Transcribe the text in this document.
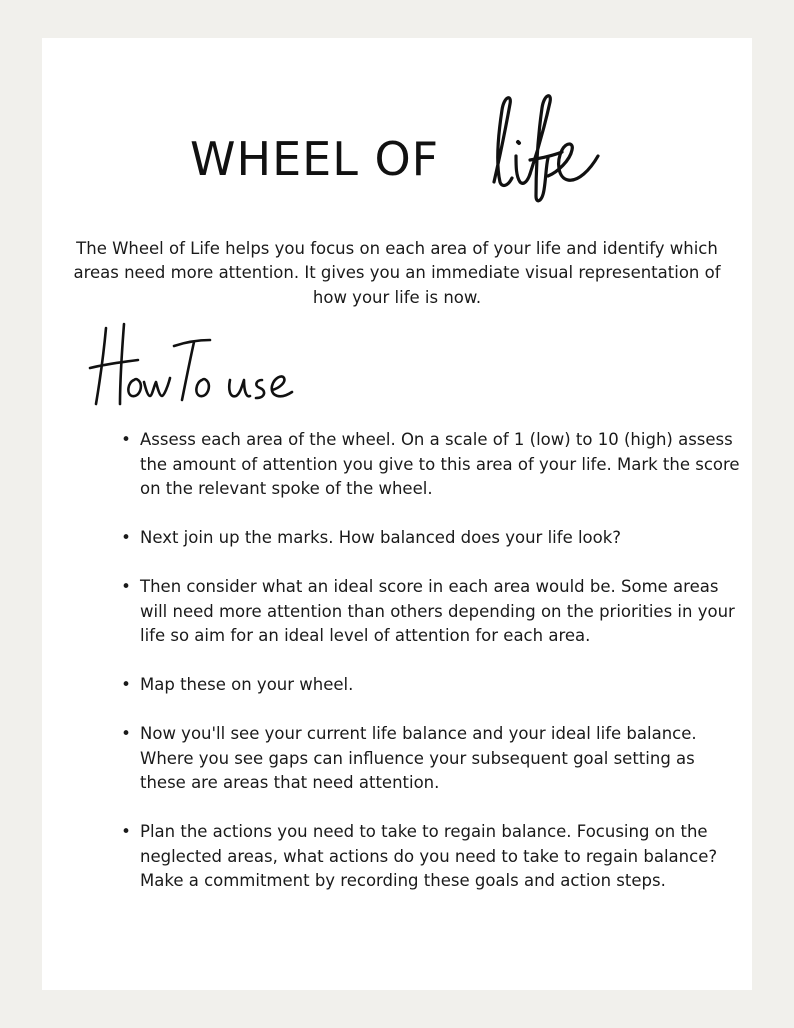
WHEEL OF

The Wheel of Life helps you focus on each area of your life and identify which areas need more attention. It gives you an immediate visual representation of how your life is now.

• Assess each area of the wheel. On a scale of 1 (low) to 10 (high) assess the amount of attention you give to this area of your life. Mark the score on the relevant spoke of the wheel.
• Next join up the marks. How balanced does your life look?
• Then consider what an ideal score in each area would be. Some areas will need more attention than others depending on the priorities in your life so aim for an ideal level of attention for each area.
• Map these on your wheel.
• Now you'll see your current life balance and your ideal life balance. Where you see gaps can influence your subsequent goal setting as these are areas that need attention.
• Plan the actions you need to take to regain balance. Focusing on the neglected areas, what actions do you need to take to regain balance? Make a commitment by recording these goals and action steps.
